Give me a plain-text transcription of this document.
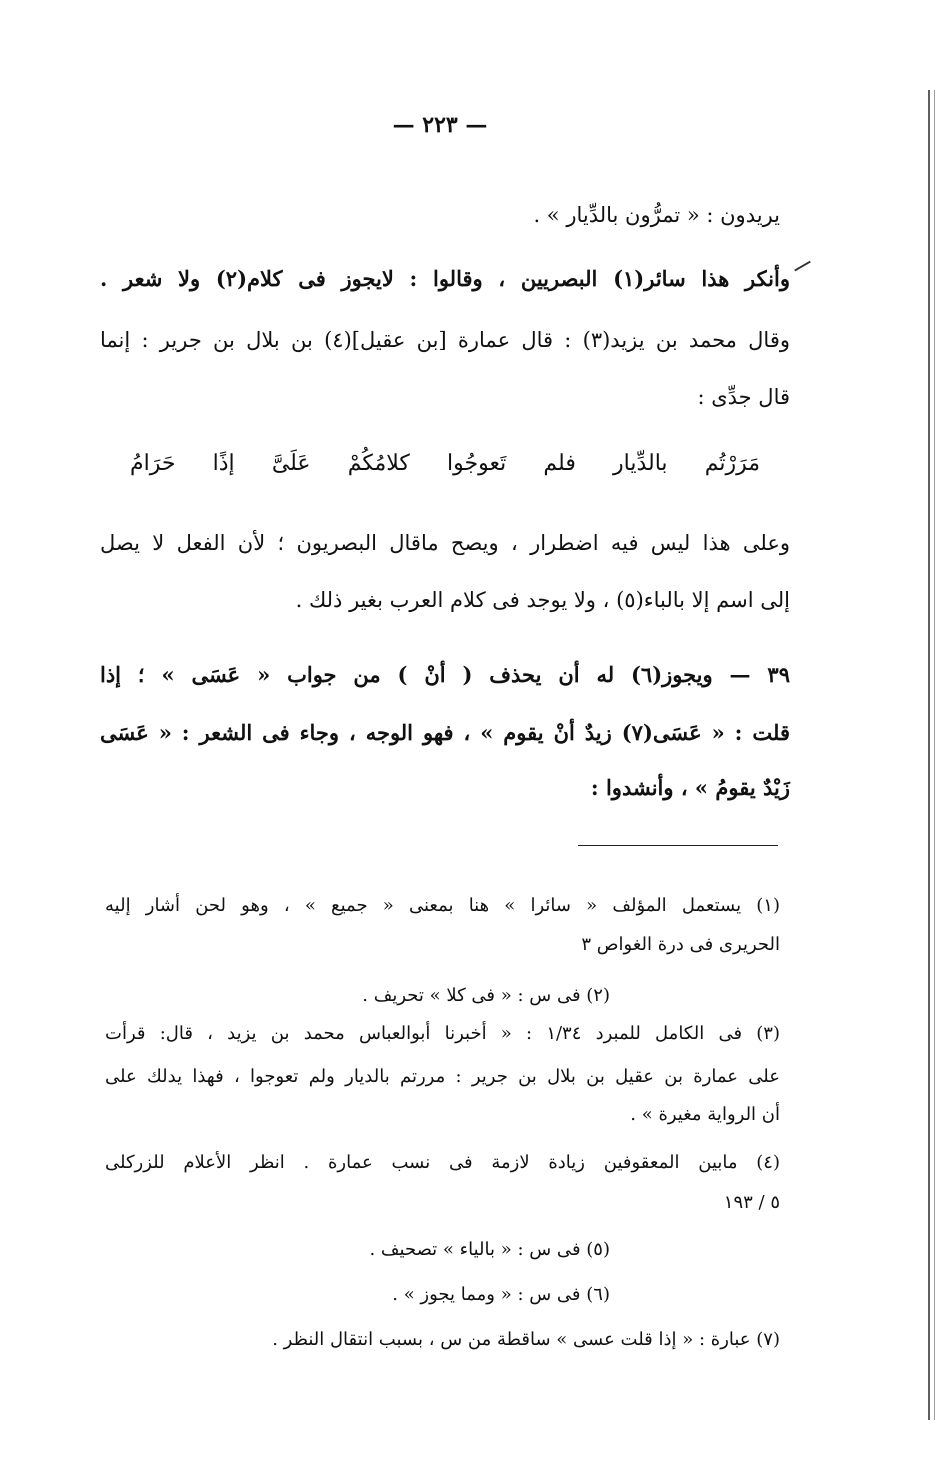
— ٢٢٣ —
يريدون : « تمرُّون بالدِّيار » .
وأنكر هذا سائر(١) البصريين ، وقالوا : لايجوز فى كلام(٢) ولا شعر .
وقال محمد بن يزيد(٣) : قال عمارة [بن عقيل](٤) بن بلال بن جرير : إنما
قال جدِّى :
مَرَرْتُم بالدِّيار فلم تَعوجُوا كلامُكُمْ عَلَىَّ إذًا حَرَامُ
وعلى هذا ليس فيه اضطرار ، ويصح ماقال البصريون ؛ لأن الفعل لا يصل
إلى اسم إلا بالباء(٥) ، ولا يوجد فى كلام العرب بغير ذلك .
٣٩ — ويجوز(٦) له أن يحذف ( أنْ ) من جواب « عَسَى » ؛ إذا
قلت : « عَسَى(٧) زيدٌ أنْ يقوم » ، فهو الوجه ، وجاء فى الشعر : « عَسَى
زَيْدٌ يقومُ » ، وأنشدوا :
(١) يستعمل المؤلف « سائرا » هنا بمعنى « جميع » ، وهو لحن أشار إليه
الحريرى فى درة الغواص ٣
(٢) فى س : « فى كلا » تحريف .
(٣) فى الكامل للمبرد ١/٣٤ : « أخبرنا أبوالعباس محمد بن يزيد ، قال: قرأت
على عمارة بن عقيل بن بلال بن جرير : مررتم بالديار ولم تعوجوا ، فهذا يدلك على
أن الرواية مغيرة » .
(٤) مابين المعقوفين زيادة لازمة فى نسب عمارة . انظر الأعلام للزركلى
٥ / ١٩٣
(٥) فى س : « بالياء » تصحيف .
(٦) فى س : « ومما يجوز » .
(٧) عبارة : « إذا قلت عسى » ساقطة من س ، بسبب انتقال النظر .
